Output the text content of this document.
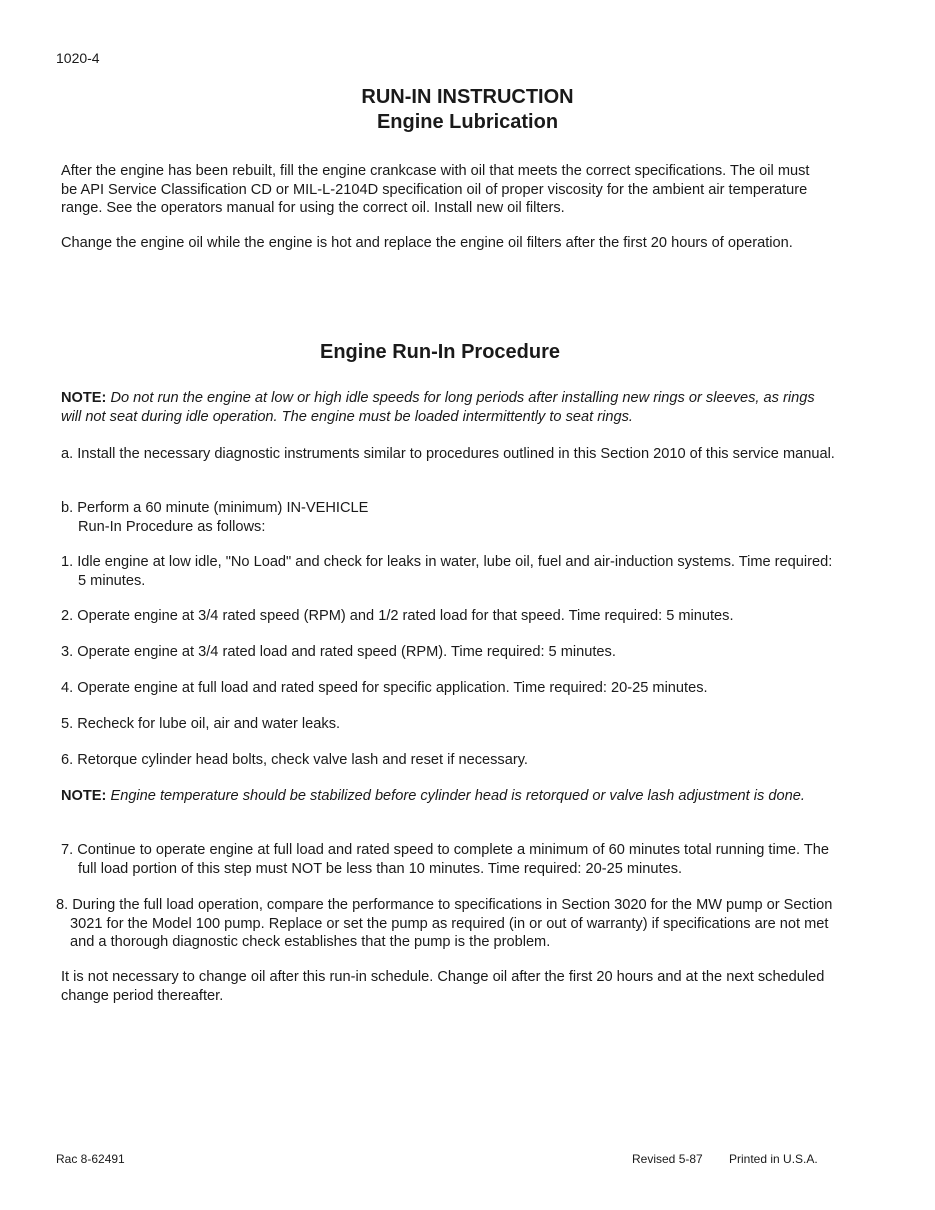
1020-4
RUN-IN INSTRUCTION
Engine Lubrication

After the engine has been rebuilt, fill the engine crankcase with oil that meets the correct specifications. The oil must be API Service Classification CD or MIL-L-2104D specification oil of proper viscosity for the ambient air temperature range. See the operators manual for using the correct oil. Install new oil filters.

Change the engine oil while the engine is hot and replace the engine oil filters after the first 20 hours of operation.

Engine Run-In Procedure

NOTE: Do not run the engine at low or high idle speeds for long periods after installing new rings or sleeves, as rings will not seat during idle operation. The engine must be loaded intermittently to seat rings.

a. Install the necessary diagnostic instruments similar to procedures outlined in this Section 2010 of this service manual.

b. Perform a 60 minute (minimum) IN-VEHICLE
Run-In Procedure as follows:

1. Idle engine at low idle, "No Load" and check for leaks in water, lube oil, fuel and air-induction systems. Time required: 5 minutes.

2. Operate engine at 3/4 rated speed (RPM) and 1/2 rated load for that speed. Time required: 5 minutes.

3. Operate engine at 3/4 rated load and rated speed (RPM). Time required: 5 minutes.

4. Operate engine at full load and rated speed for specific application. Time required: 20-25 minutes.

5. Recheck for lube oil, air and water leaks.

6. Retorque cylinder head bolts, check valve lash and reset if necessary.

NOTE: Engine temperature should be stabilized before cylinder head is retorqued or valve lash adjustment is done.

7. Continue to operate engine at full load and rated speed to complete a minimum of 60 minutes total running time. The full load portion of this step must NOT be less than 10 minutes. Time required: 20-25 minutes.

8. During the full load operation, compare the performance to specifications in Section 3020 for the MW pump or Section 3021 for the Model 100 pump. Replace or set the pump as required (in or out of warranty) if specifications are not met and a thorough diagnostic check establishes that the pump is the problem.

It is not necessary to change oil after this run-in schedule. Change oil after the first 20 hours and at the next scheduled change period thereafter.

Rac 8-62491	Revised 5-87 Printed in U.S.A.
